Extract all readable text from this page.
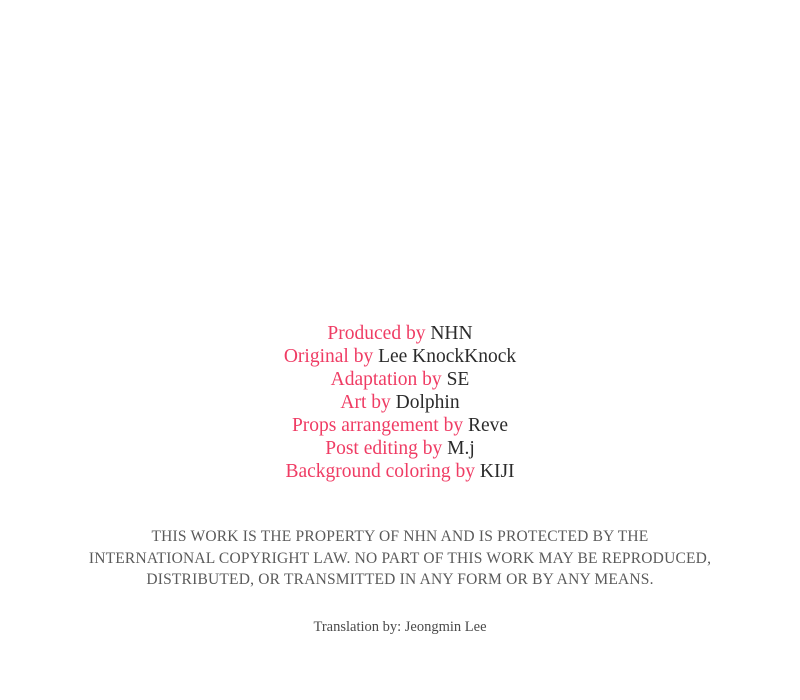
Produced by NHN
Original by Lee KnockKnock
Adaptation by SE
Art by Dolphin
Props arrangement by Reve
Post editing by M.j
Background coloring by KIJI
THIS WORK IS THE PROPERTY OF NHN AND IS PROTECTED BY THE
INTERNATIONAL COPYRIGHT LAW. NO PART OF THIS WORK MAY BE REPRODUCED,
DISTRIBUTED, OR TRANSMITTED IN ANY FORM OR BY ANY MEANS.
Translation by: Jeongmin Lee
